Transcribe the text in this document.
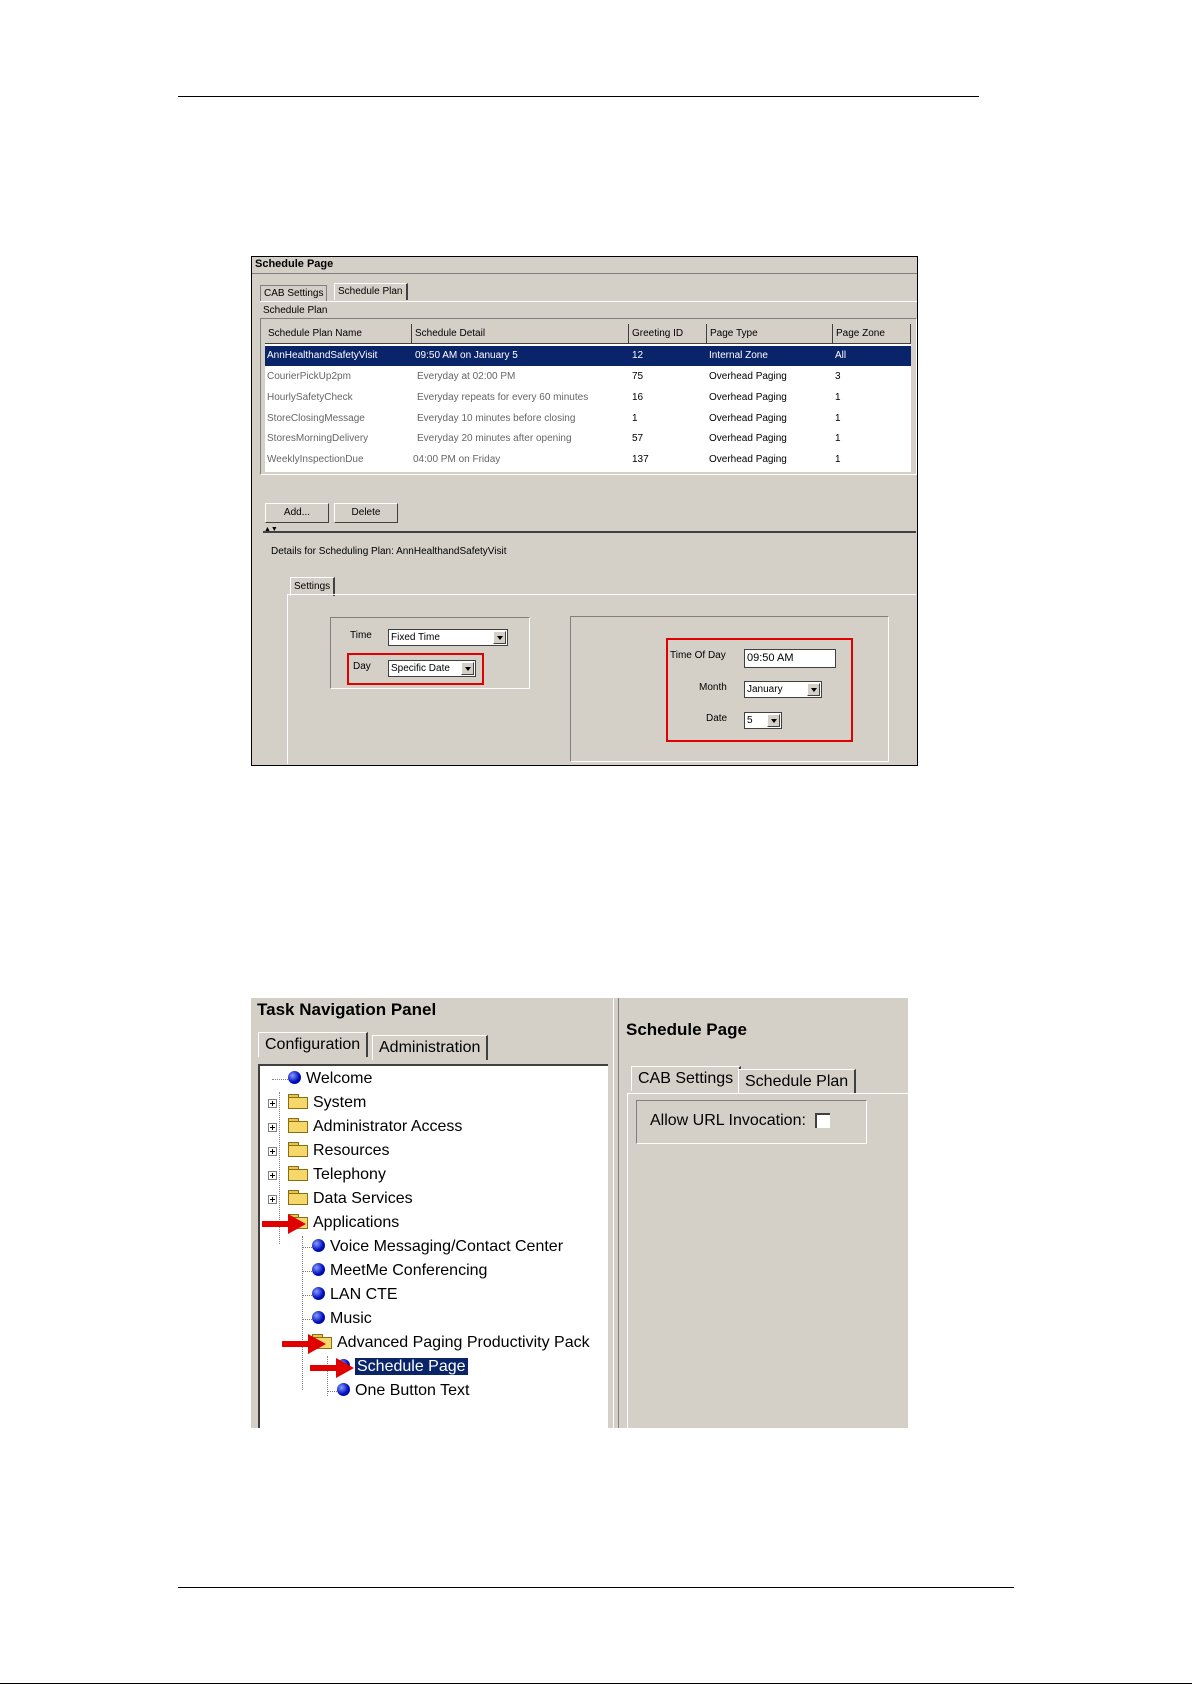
Schedule Page
CAB Settings	Schedule Plan
Schedule Plan
Schedule Plan Name	Schedule Detail	Greeting ID	Page Type	Page Zone
AnnHealthandSafetyVisit	09:50 AM on January 5	12	Internal Zone	All
CourierPickUp2pm	Everyday at 02:00 PM	75	Overhead Paging	3
HourlySafetyCheck	Everyday repeats for every 60 minutes	16	Overhead Paging	1
StoreClosingMessage	Everyday 10 minutes before closing	1	Overhead Paging	1
StoresMorningDelivery	Everyday 20 minutes after opening	57	Overhead Paging	1
WeeklyInspectionDue	04:00 PM on Friday	137	Overhead Paging	1
Add...	Delete
▲▼
Details for Scheduling Plan: AnnHealthandSafetyVisit
Settings
Time	Fixed Time
Day	Specific Date
Time Of Day 09:50 AM
Month	January
Date	5
Task Navigation Panel
Configuration	Administration
Welcome
System
Administrator Access
Resources
Telephony
Data Services
Applications
Voice Messaging/Contact Center
MeetMe Conferencing
LAN CTE
Music
Advanced Paging Productivity Pack
Schedule Page
One Button Text
Schedule Page
CAB Settings Schedule Plan
Allow URL Invocation:
